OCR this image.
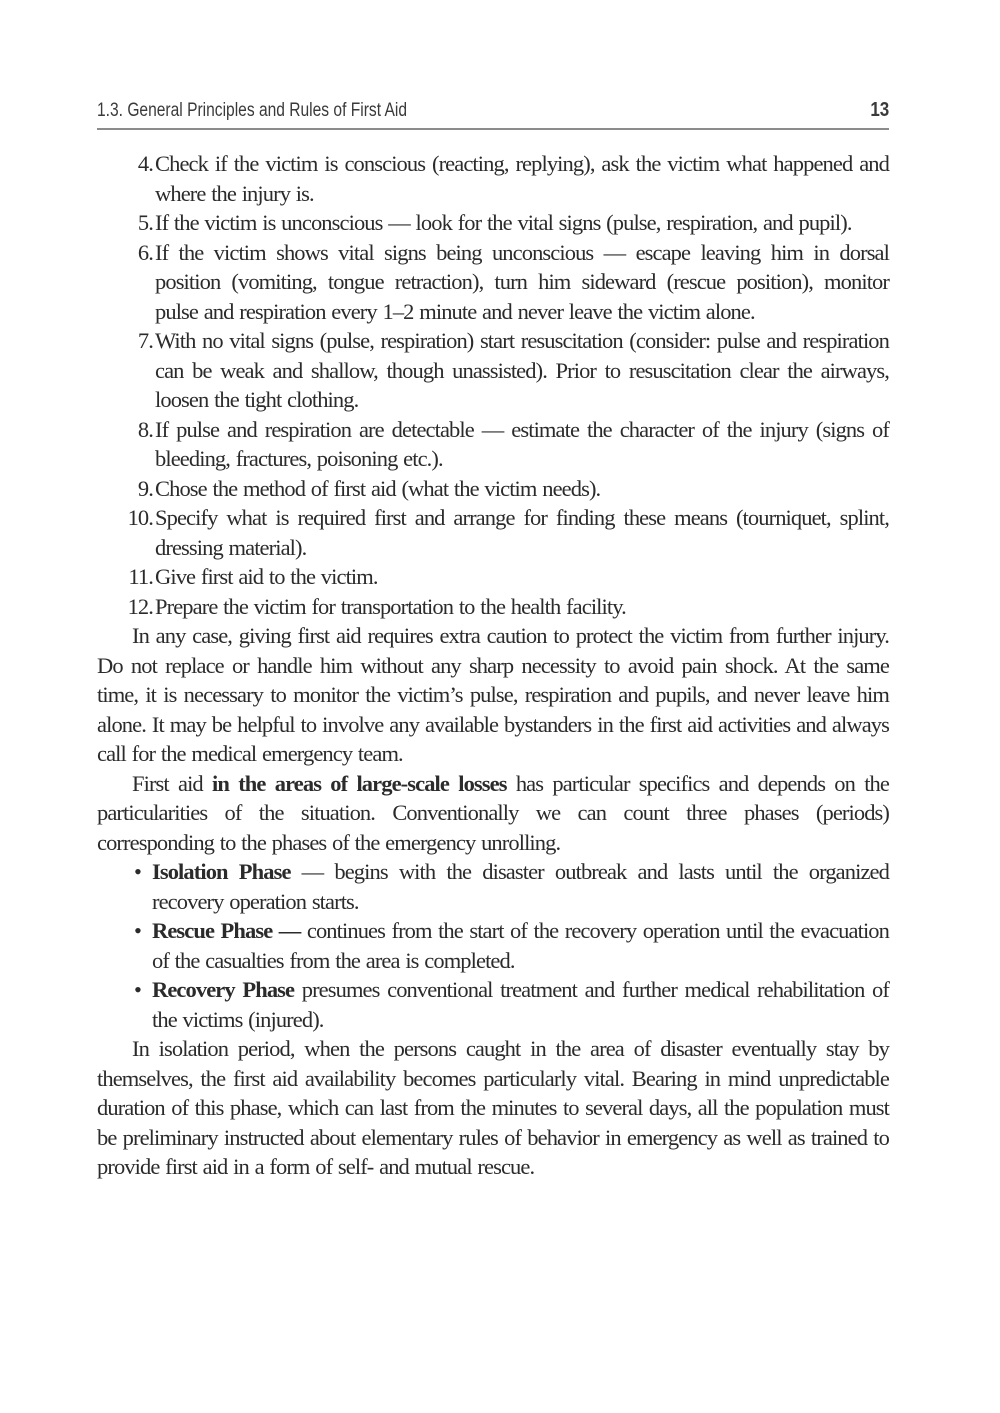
1.3. General Principles and Rules of First Aid	13
4. Check if the victim is conscious (reacting, replying), ask the victim what happened and where the injury is.
5. If the victim is unconscious — look for the vital signs (pulse, respiration, and pupil).
6. If the victim shows vital signs being unconscious — escape leaving him in dorsal position (vomiting, tongue retraction), turn him sideward (rescue position), monitor pulse and respiration every 1–2 minute and never leave the victim alone.
7. With no vital signs (pulse, respiration) start resuscitation (consider: pulse and respiration can be weak and shallow, though unassisted). Prior to resuscitation clear the airways, loosen the tight clothing.
8. If pulse and respiration are detectable — estimate the character of the injury (signs of bleeding, fractures, poisoning etc.).
9. Chose the method of first aid (what the victim needs).
10. Specify what is required first and arrange for finding these means (tourniquet, splint, dressing material).
11. Give first aid to the victim.
12. Prepare the victim for transportation to the health facility.

In any case, giving first aid requires extra caution to protect the victim from further injury. Do not replace or handle him without any sharp necessity to avoid pain shock. At the same time, it is necessary to monitor the victim’s pulse, respiration and pupils, and never leave him alone. It may be helpful to involve any available bystanders in the first aid activities and always call for the medical emergency team.

First aid in the areas of large-scale losses has particular specifics and depends on the particularities of the situation. Conventionally we can count three phases (periods) corresponding to the phases of the emergency unrolling.

• Isolation Phase — begins with the disaster outbreak and lasts until the organized recovery operation starts.
• Rescue Phase — continues from the start of the recovery operation until the evacuation of the casualties from the area is completed.
• Recovery Phase presumes conventional treatment and further medical rehabilitation of the victims (injured).

In isolation period, when the persons caught in the area of disaster eventually stay by themselves, the first aid availability becomes particularly vital. Bearing in mind unpredictable duration of this phase, which can last from the minutes to several days, all the population must be preliminary instructed about elementary rules of behavior in emergency as well as trained to provide first aid in a form of self- and mutual rescue.
